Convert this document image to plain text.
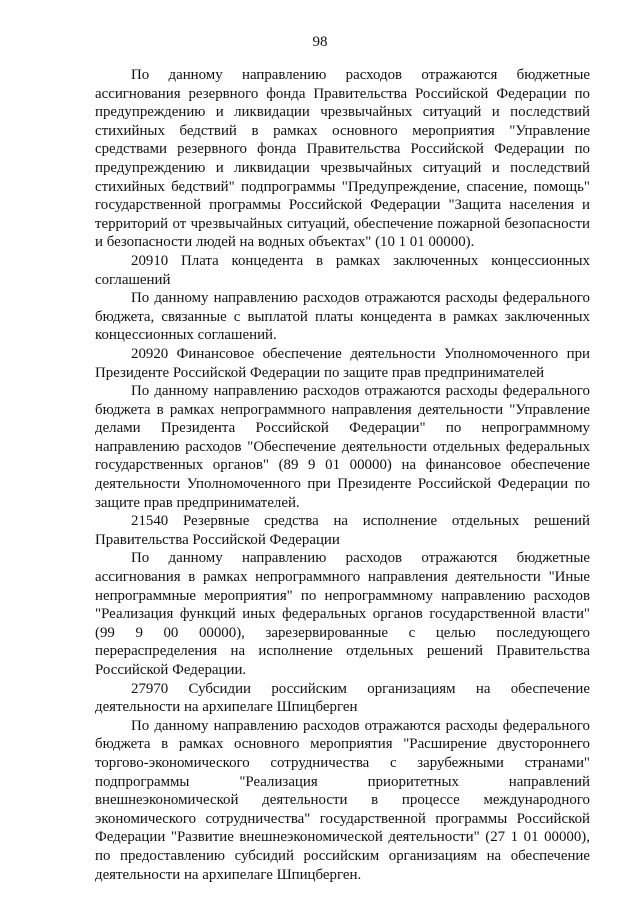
98

По данному направлению расходов отражаются бюджетные ассигнования резервного фонда Правительства Российской Федерации по предупреждению и ликвидации чрезвычайных ситуаций и последствий стихийных бедствий в рамках основного мероприятия "Управление средствами резервного фонда Правительства Российской Федерации по предупреждению и ликвидации чрезвычайных ситуаций и последствий стихийных бедствий" подпрограммы "Предупреждение, спасение, помощь" государственной программы Российской Федерации "Защита населения и территорий от чрезвычайных ситуаций, обеспечение пожарной безопасности и безопасности людей на водных объектах" (10 1 01 00000).

20910 Плата концедента в рамках заключенных концессионных соглашений

По данному направлению расходов отражаются расходы федерального бюджета, связанные с выплатой платы концедента в рамках заключенных концессионных соглашений.

20920 Финансовое обеспечение деятельности Уполномоченного при Президенте Российской Федерации по защите прав предпринимателей

По данному направлению расходов отражаются расходы федерального бюджета в рамках непрограммного направления деятельности "Управление делами Президента Российской Федерации" по непрограммному направлению расходов "Обеспечение деятельности отдельных федеральных государственных органов" (89 9 01 00000) на финансовое обеспечение деятельности Уполномоченного при Президенте Российской Федерации по защите прав предпринимателей.

21540 Резервные средства на исполнение отдельных решений Правительства Российской Федерации

По данному направлению расходов отражаются бюджетные ассигнования в рамках непрограммного направления деятельности "Иные непрограммные мероприятия" по непрограммному направлению расходов "Реализация функций иных федеральных органов государственной власти" (99 9 00 00000), зарезервированные с целью последующего перераспределения на исполнение отдельных решений Правительства Российской Федерации.

27970 Субсидии российским организациям на обеспечение деятельности на архипелаге Шпицберген

По данному направлению расходов отражаются расходы федерального бюджета в рамках основного мероприятия "Расширение двустороннего торгово-экономического сотрудничества с зарубежными странами" подпрограммы "Реализация приоритетных направлений внешнеэкономической деятельности в процессе международного экономического сотрудничества" государственной программы Российской Федерации "Развитие внешнеэкономической деятельности" (27 1 01 00000), по предоставлению субсидий российским организациям на обеспечение деятельности на архипелаге Шпицберген.
